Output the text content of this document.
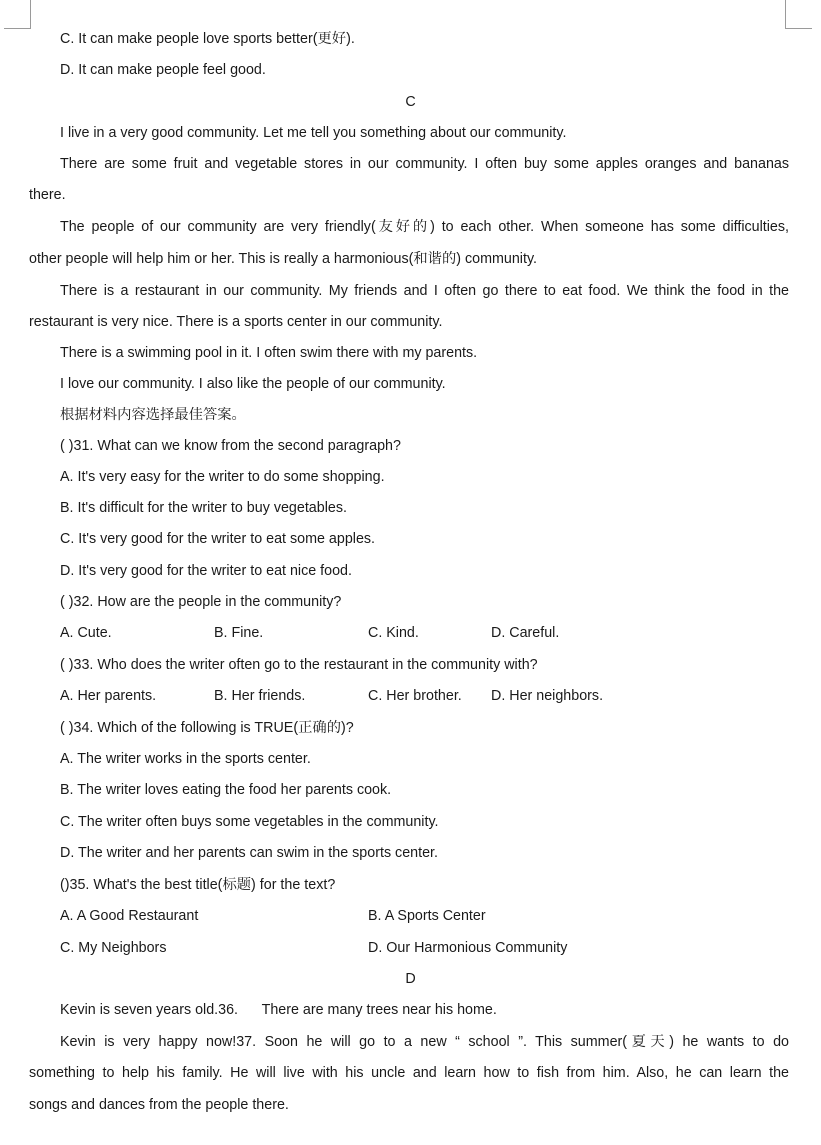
C. It can make people love sports better(更好).
D. It can make people feel good.
C
I live in a very good community. Let me tell you something about our community.
There are some fruit and vegetable stores in our community. I often buy some apples oranges and bananas
there.
The people of our community are very friendly(友好的) to each other. When someone has some difficulties,
other people will help him or her. This is really a harmonious(和谐的) community.
There is a restaurant in our community. My friends and I often go there to eat food. We think the food in the
restaurant is very nice. There is a sports center in our community.
There is a swimming pool in it. I often swim there with my parents.
I love our community. I also like the people of our community.
根据材料内容选择最佳答案。
( )31. What can we know from the second paragraph?
A. It's very easy for the writer to do some shopping.
B. It's difficult for the writer to buy vegetables.
C. It's very good for the writer to eat some apples.
D. It's very good for the writer to eat nice food.
( )32. How are the people in the community?
A. Cute.	B. Fine.	C. Kind.	D. Careful.
( )33. Who does the writer often go to the restaurant in the community with?
A. Her parents.	B. Her friends.	C. Her brother. D. Her neighbors.
( )34. Which of the following is TRUE(正确的)?
A. The writer works in the sports center.
B. The writer loves eating the food her parents cook.
C. The writer often buys some vegetables in the community.
D. The writer and her parents can swim in the sports center.
()35. What's the best title(标题) for the text?
A. A Good Restaurant	B. A Sports Center
C. My Neighbors	D. Our Harmonious Community
D
Kevin is seven years old.36.      There are many trees near his home.
Kevin is very happy now!37. Soon he will go to a new “ school ”. This summer(夏天) he wants to do
something to help his family. He will live with his uncle and learn how to fish from him. Also, he can learn the
songs and dances from the people there.
